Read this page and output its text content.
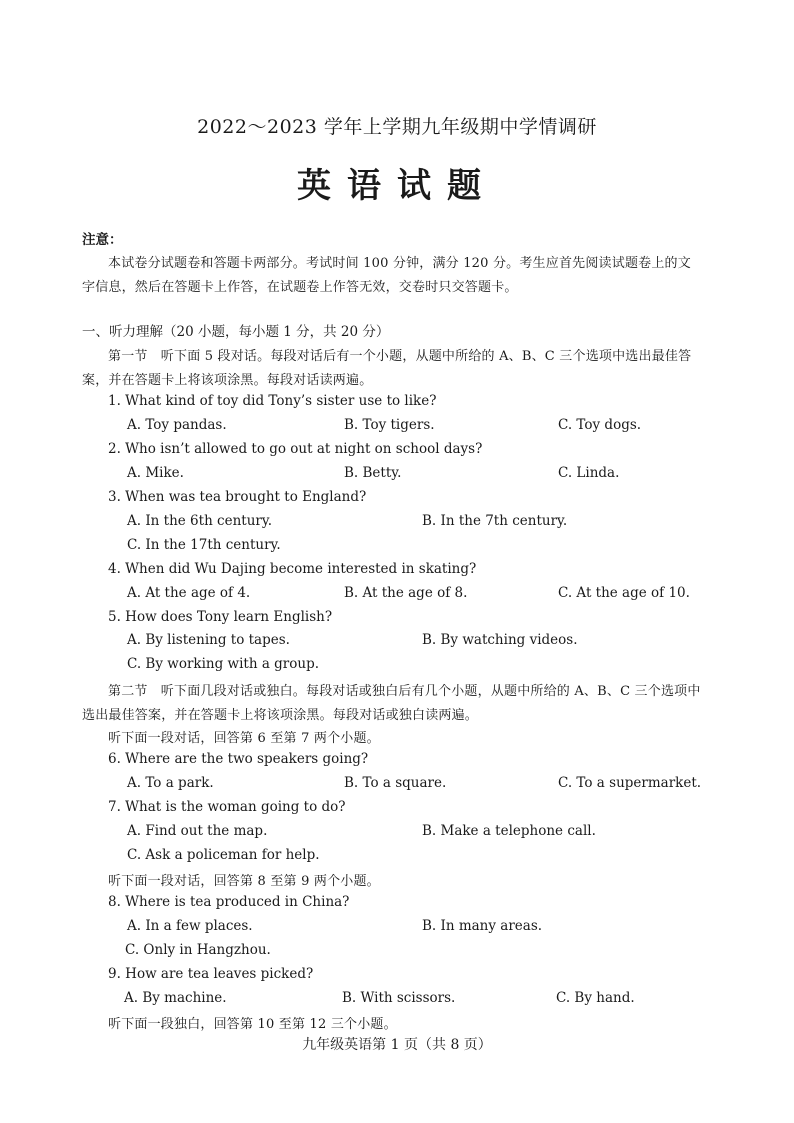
2022～2023 学年上学期九年级期中学情调研
英语试题
注意：
本试卷分试题卷和答题卡两部分。考试时间 100 分钟，满分 120 分。考生应首先阅读试题卷上的文
字信息，然后在答题卡上作答，在试题卷上作答无效，交卷时只交答题卡。
一、听力理解（20 小题，每小题 1 分，共 20 分）
第一节　听下面 5 段对话。每段对话后有一个小题，从题中所给的 A、B、C 三个选项中选出最佳答
案，并在答题卡上将该项涂黑。每段对话读两遍。
1. What kind of toy did Tony’s sister use to like?
A. Toy pandas.	B. Toy tigers.	C. Toy dogs.
2. Who isn’t allowed to go out at night on school days?
A. Mike.	B. Betty.	C. Linda.
3. When was tea brought to England?
A. In the 6th century.	B. In the 7th century.
C. In the 17th century.
4. When did Wu Dajing become interested in skating?
A. At the age of 4.	B. At the age of 8.	C. At the age of 10.
5. How does Tony learn English?
A. By listening to tapes.	B. By watching videos.
C. By working with a group.
第二节　听下面几段对话或独白。每段对话或独白后有几个小题，从题中所给的 A、B、C 三个选项中
选出最佳答案，并在答题卡上将该项涂黑。每段对话或独白读两遍。
听下面一段对话，回答第 6 至第 7 两个小题。
6. Where are the two speakers going?
A. To a park.	B. To a square.	C. To a supermarket.
7. What is the woman going to do?
A. Find out the map.	B. Make a telephone call.
C. Ask a policeman for help.
听下面一段对话，回答第 8 至第 9 两个小题。
8. Where is tea produced in China?
A. In a few places.	B. In many areas.
C. Only in Hangzhou.
9. How are tea leaves picked?
A. By machine.	B. With scissors.	C. By hand.
听下面一段独白，回答第 10 至第 12 三个小题。
九年级英语第 1 页（共 8 页）
